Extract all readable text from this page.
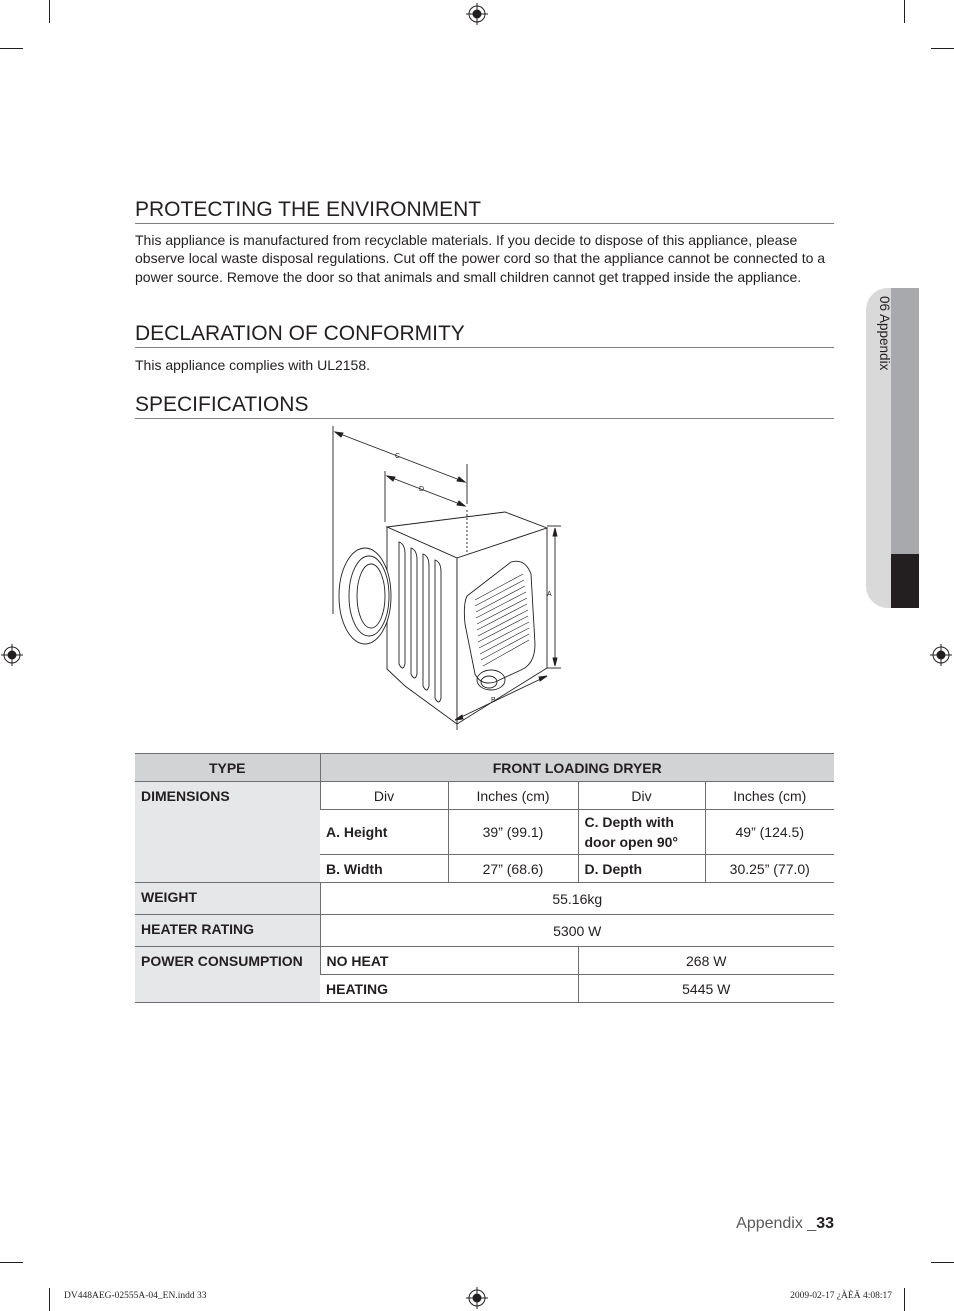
06 Appendix
PROTECTING THE ENVIRONMENT

This appliance is manufactured from recyclable materials. If you decide to dispose of this appliance, please observe local waste disposal regulations. Cut off the power cord so that the appliance cannot be connected to a power source. Remove the door so that animals and small children cannot get trapped inside the appliance.

DECLARATION OF CONFORMITY

This appliance complies with UL2158.

SPECIFICATIONS
C
D
A
B
TYPE	FRONT LOADING DRYER			
DIMENSIONS	Div	Inches (cm)	Div	Inches (cm)
	A. Height	39” (99.1)	C. Depth with door open 90°	49” (124.5)
	B. Width	27” (68.6)	D. Depth	30.25” (77.0)
WEIGHT	55.16kg			
HEATER RATING	5300 W			
POWER CONSUMPTION	NO HEAT		268 W	
	HEATING		5445 W	
Appendix _33
DV448AEG-02555A-04_EN.indd 33	2009-02-17 ¿ÀÈÄ 4:08:17
